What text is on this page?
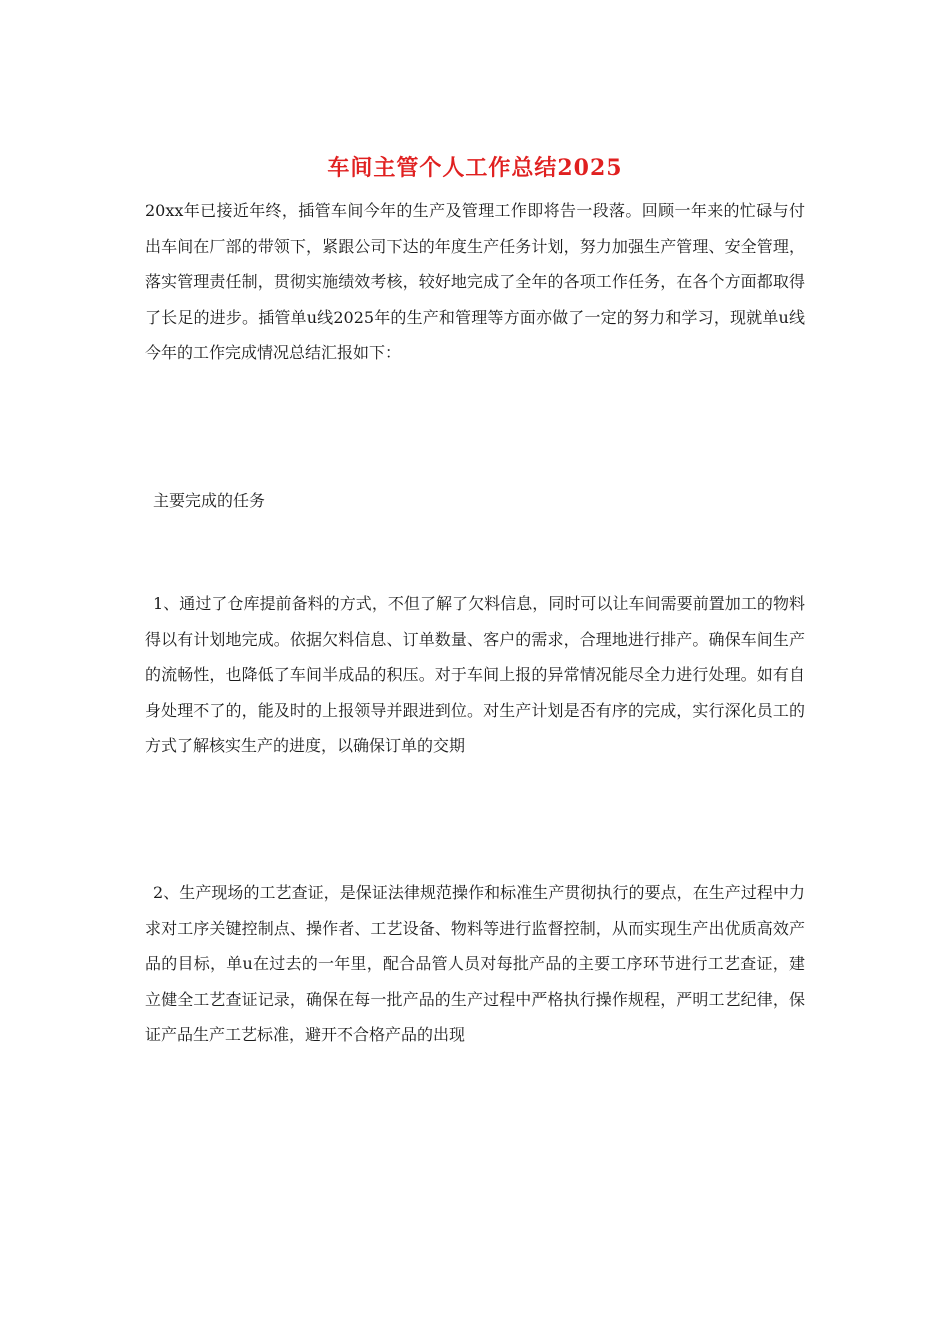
车间主管个人工作总结2025

20xx年已接近年终，插管车间今年的生产及管理工作即将告一段落。回顾一年来的忙碌与付出车间在厂部的带领下，紧跟公司下达的年度生产任务计划，努力加强生产管理、安全管理，落实管理责任制，贯彻实施绩效考核，较好地完成了全年的各项工作任务，在各个方面都取得了长足的进步。插管单u线2025年的生产和管理等方面亦做了一定的努力和学习，现就单u线今年的工作完成情况总结汇报如下：

主要完成的任务

1、通过了仓库提前备料的方式，不但了解了欠料信息，同时可以让车间需要前置加工的物料得以有计划地完成。依据欠料信息、订单数量、客户的需求，合理地进行排产。确保车间生产的流畅性，也降低了车间半成品的积压。对于车间上报的异常情况能尽全力进行处理。如有自身处理不了的，能及时的上报领导并跟进到位。对生产计划是否有序的完成，实行深化员工的方式了解核实生产的进度，以确保订单的交期

2、生产现场的工艺查证，是保证法律规范操作和标准生产贯彻执行的要点，在生产过程中力求对工序关键控制点、操作者、工艺设备、物料等进行监督控制，从而实现生产出优质高效产品的目标，单u在过去的一年里，配合品管人员对每批产品的主要工序环节进行工艺查证，建立健全工艺查证记录，确保在每一批产品的生产过程中严格执行操作规程，严明工艺纪律，保证产品生产工艺标准，避开不合格产品的出现
